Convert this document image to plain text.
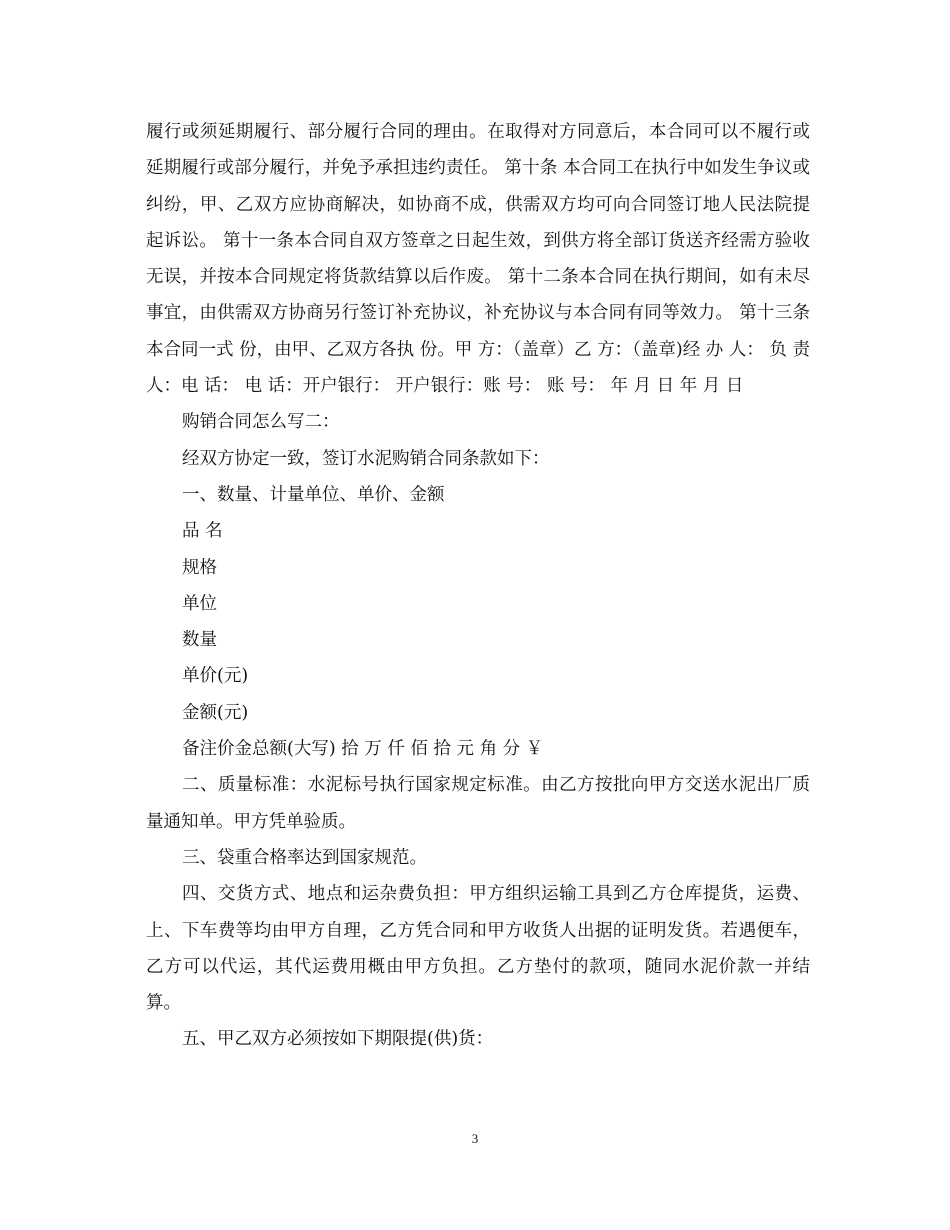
履行或须延期履行、部分履行合同的理由。在取得对方同意后，本合同可以不履行或延期履行或部分履行，并免予承担违约责任。 第十条 本合同工在执行中如发生争议或纠纷，甲、乙双方应协商解决，如协商不成，供需双方均可向合同签订地人民法院提起诉讼。 第十一条本合同自双方签章之日起生效，到供方将全部订货送齐经需方验收无误，并按本合同规定将货款结算以后作废。 第十二条本合同在执行期间，如有未尽事宜，由供需双方协商另行签订补充协议，补充协议与本合同有同等效力。 第十三条本合同一式 份，由甲、乙双方各执 份。甲 方：（盖章）乙 方：（盖章)经 办 人： 负 责 人：电 话： 电 话：开户银行： 开户银行：账 号： 账 号： 年 月 日 年 月 日

购销合同怎么写二：

经双方协定一致，签订水泥购销合同条款如下：

一、数量、计量单位、单价、金额

品 名

规格

单位

数量

单价(元)

金额(元)

备注价金总额(大写) 拾 万 仟 佰 拾 元 角 分 ￥

二、质量标准：水泥标号执行国家规定标准。由乙方按批向甲方交送水泥出厂质量通知单。甲方凭单验质。

三、袋重合格率达到国家规范。

四、交货方式、地点和运杂费负担：甲方组织运输工具到乙方仓库提货，运费、上、下车费等均由甲方自理，乙方凭合同和甲方收货人出据的证明发货。若遇便车，乙方可以代运，其代运费用概由甲方负担。乙方垫付的款项，随同水泥价款一并结算。

五、甲乙双方必须按如下期限提(供)货：

3
